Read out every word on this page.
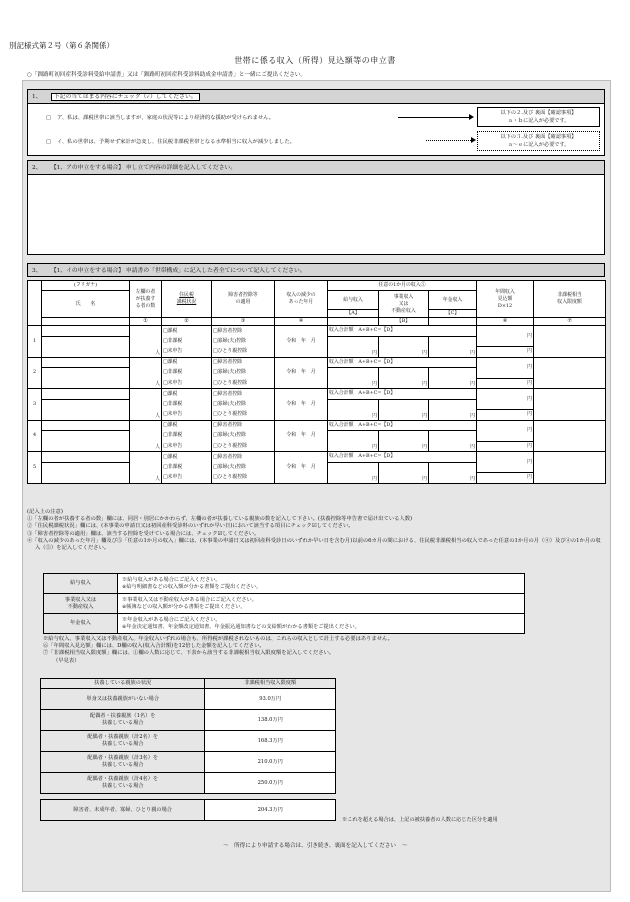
別記様式第２号（第６条関係）
世帯に係る収入（所得）見込額等の申立書
○「釧路町初回産科受診料受給申請書」又は「釧路町初回産科受診料助成金申請書」と一緒にご提出ください。
1、 下記の当てはまる内容にチェック（✓）してください。
□ ア、私は、課税世帯に該当しますが、家庭の状況等により経済的な援助が受けられません。
□ イ、私の世帯は、予期せず家計が急変し、住民税非課税世帯となる水準相当に収入が減少しました。
以下の２.及び 裏面【確認事項】
ａ・ｂに記入が必要です。
以下の３.及び 裏面【確認事項】
ａ～ｅに記入が必要です。
2、 【1、アの申立をする場合】 申し立て内容の詳細を記入してください。
3、 【1、イの申立をする場合】 申請書の「世帯構成」に記入した者全てについて記入してください。
	(フリガナ)	左欄の者
が扶養す
る者の数	住民税
課税状況	障害者控除等
の適用	収入の減少の
あった年月	任意の1か月の収入⑤			年間収入
見込額
D×12	非課税相当
収入限度額
	氏　　名					給与収入	事業収入
又は
不動産収入	年金収入		
						【A】		【C】		
		①	②	③	④		【B】		⑥	⑦
1		人	□課税	□障害者控除	令和　年　月	収入合計額　A+B+C=【D】			円	
			□非課税	□寡婦(夫)控除		円	円	円		
			□未申告	□ひとり親控除					円	
2		人	□課税	□障害者控除	令和　年　月	収入合計額　A+B+C=【D】			円	
			□非課税	□寡婦(夫)控除		円	円	円		
			□未申告	□ひとり親控除					円	
3		人	□課税	□障害者控除	令和　年　月	収入合計額　A+B+C=【D】			円	
			□非課税	□寡婦(夫)控除		円	円	円		
			□未申告	□ひとり親控除					円	
4		人	□課税	□障害者控除	令和　年　月	収入合計額　A+B+C=【D】			円	
			□非課税	□寡婦(夫)控除		円	円	円		
			□未申告	□ひとり親控除					円	
5		人	□課税	□障害者控除	令和　年　月	収入合計額　A+B+C=【D】			円	
			□非課税	□寡婦(夫)控除		円	円	円		
			□未申告	□ひとり親控除					円	

(記入上の注意)

①「左欄の者が扶養する者の数」欄には、同居・別居にかかわらず、左欄の者が扶養している親族の数を記入して下さい。(扶養控除等申告書で届け出ている人数)

②「住民税課税状況」欄には、(本事業の申請日又は初回産科受診料のいずれか早い日)において該当する項目にチェック☑してください。

③「障害者控除等の適用」欄は、該当する控除を受けている場合には、チェック☑してください。

④「収入の減少のあった年月」欄及び⑤「任意の1か月の収入」欄には、(本事業の申請日又は初回産科受診日のいずれか早い日を含む月)以前の6カ月の間における、住民税非課税相当の収入であった任意の1か月の月（④）及び④の1か月の収入（⑤）を記入してください。

給与収入	※給与収入がある場合にご記入ください。
※給与明細書などの収入額が分かる書類をご提出ください。
事業収入又は
不動産収入	※事業収入又は不動産収入がある場合にご記入ください。
※帳簿などの収入額が分かる書類をご提出ください。
年金収入	※年金収入がある場合にご記入ください。
※年金決定通知書、年金額改定通知書、年金振込通知書などの支給額がわかる書類をご提出ください。

※給与収入、事業収入又は不動産収入、年金収入いずれの場合も、所得税が課税されないものは、これらの収入として計上する必要はありません。

⑥「年間収入見込額」欄には、D欄の収入(収入合計額)を12倍した金額を記入してください。

⑦「非課税相当収入限度額」欄には、①欄の人数に応じて、下表から該当する非課税相当収入限度額を記入してください。

（早見表）

扶養している親族の状況	非課税相当収入限度額
単身又は扶養親族がいない場合	93.0万円
配偶者・扶養親族（1名）を
扶養している場合	138.0万円
配偶者・扶養親族（計2名）を
扶養している場合	168.3万円
配偶者・扶養親族（計3名）を
扶養している場合	210.0万円
配偶者・扶養親族（計4名）を
扶養している場合	250.0万円

障害者、未成年者、寡婦、ひとり親の場合	204.3万円
※これを超える場合は、上記の被扶養者の人数に応じた区分を適用
～　所得により申請する場合は、引き続き、裏面を記入してください　～
